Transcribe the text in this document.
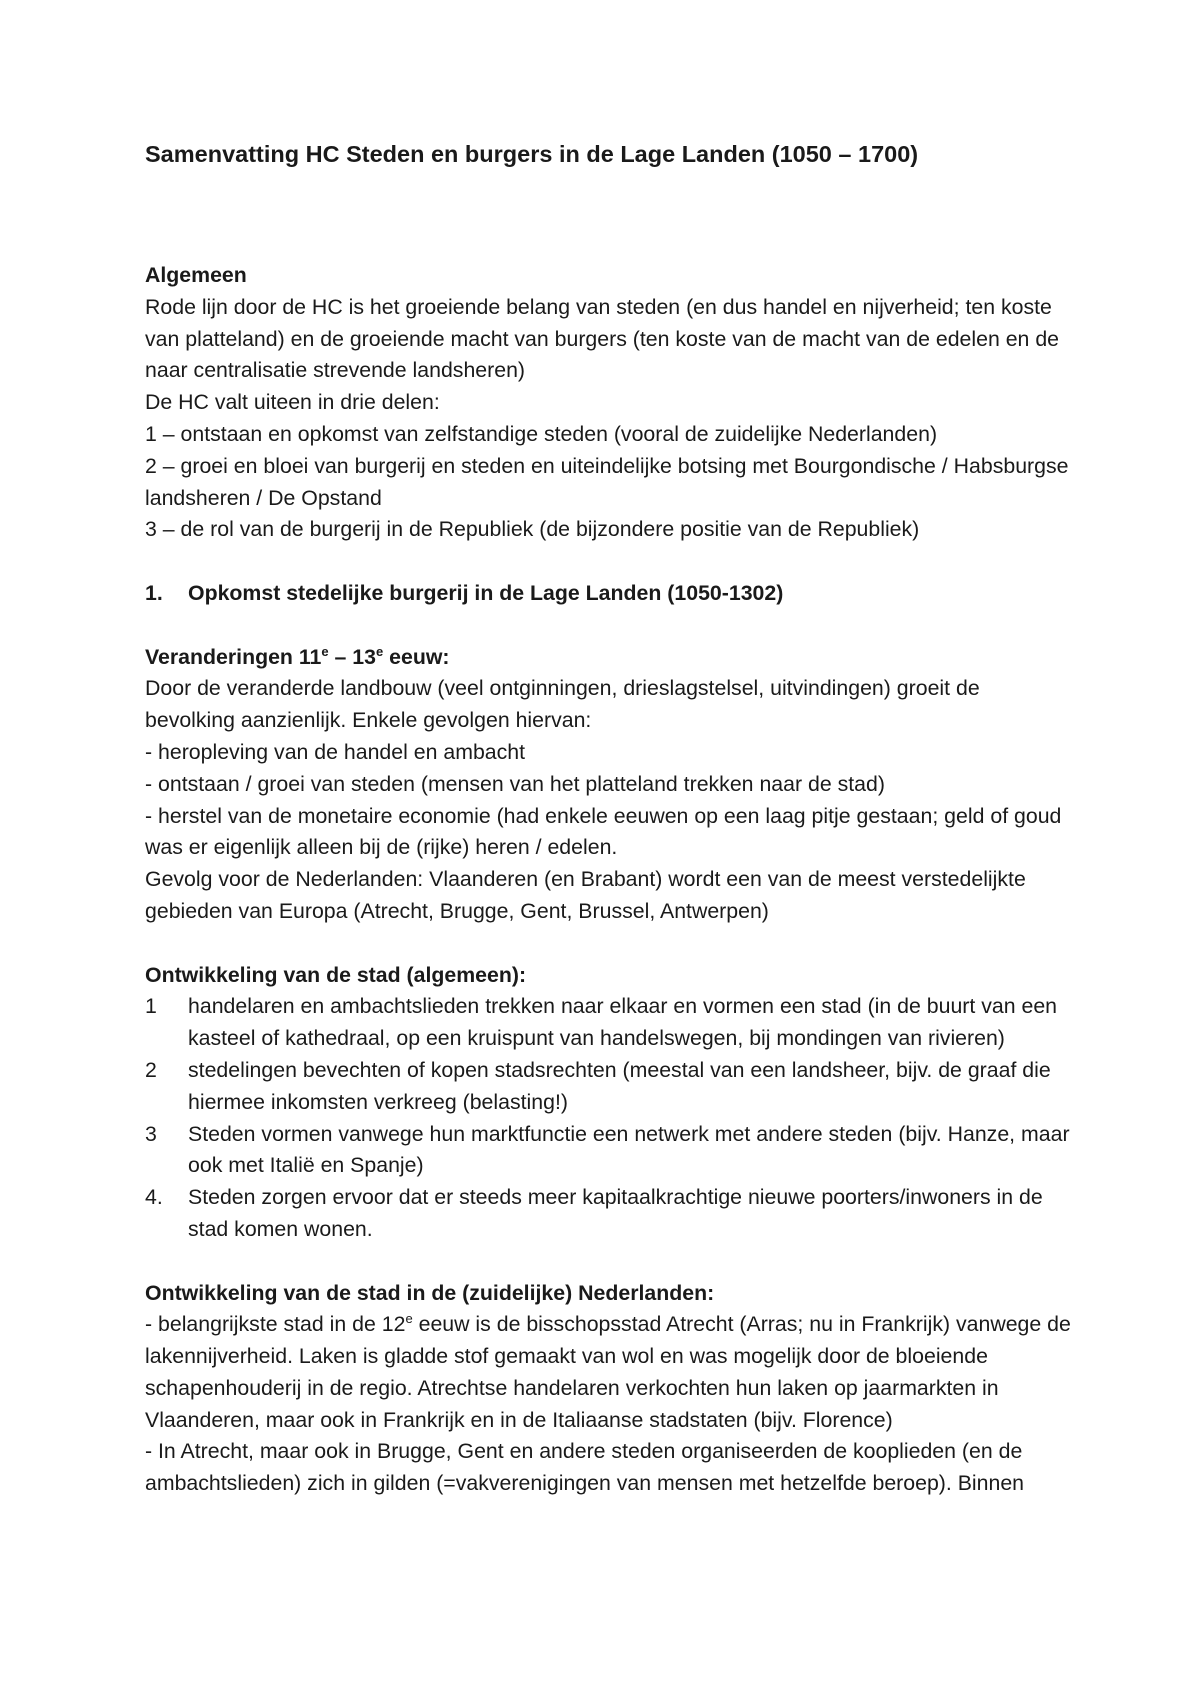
Samenvatting HC Steden en burgers in de Lage Landen (1050 – 1700)
Algemeen
Rode lijn door de HC is het groeiende belang van steden (en dus handel en nijverheid; ten koste van platteland) en de groeiende macht van burgers (ten koste van de macht van de edelen en de naar centralisatie strevende landsheren)
De HC valt uiteen in drie delen:
1 – ontstaan en opkomst van zelfstandige steden (vooral de zuidelijke Nederlanden)
2 – groei en bloei van burgerij en steden en uiteindelijke botsing met Bourgondische / Habsburgse landsheren / De Opstand
3 – de rol van de burgerij in de Republiek (de bijzondere positie van de Republiek)
1.	Opkomst stedelijke burgerij in de Lage Landen (1050-1302)
Veranderingen 11e – 13e eeuw:
Door de veranderde landbouw (veel ontginningen, drieslagstelsel, uitvindingen) groeit de bevolking aanzienlijk. Enkele gevolgen hiervan:
- heropleving van de handel en ambacht
- ontstaan / groei van steden (mensen van het platteland trekken naar de stad)
- herstel van de monetaire economie (had enkele eeuwen op een laag pitje gestaan; geld of goud was er eigenlijk alleen bij de (rijke) heren / edelen.
Gevolg voor de Nederlanden: Vlaanderen (en Brabant) wordt een van de meest verstedelijkte gebieden van Europa (Atrecht, Brugge, Gent, Brussel, Antwerpen)
Ontwikkeling van de stad (algemeen):
1	handelaren en ambachtslieden trekken naar elkaar en vormen een stad (in de buurt van een kasteel of kathedraal, op een kruispunt van handelswegen, bij mondingen van rivieren)
2	stedelingen bevechten of kopen stadsrechten (meestal van een landsheer, bijv. de graaf die hiermee inkomsten verkreeg (belasting!)
3	Steden vormen vanwege hun marktfunctie een netwerk met andere steden (bijv. Hanze, maar ook met Italië en Spanje)
4.	Steden zorgen ervoor dat er steeds meer kapitaalkrachtige nieuwe poorters/inwoners in de stad komen wonen.
Ontwikkeling van de stad in de (zuidelijke) Nederlanden:
- belangrijkste stad in de 12e eeuw is de bisschopsstad Atrecht (Arras; nu in Frankrijk) vanwege de lakennijverheid. Laken is gladde stof gemaakt van wol en was mogelijk door de bloeiende schapenhouderij in de regio. Atrechtse handelaren verkochten hun laken op jaarmarkten in Vlaanderen, maar ook in Frankrijk en in de Italiaanse stadstaten (bijv. Florence)
- In Atrecht, maar ook in Brugge, Gent en andere steden organiseerden de kooplieden (en de ambachtslieden) zich in gilden (=vakverenigingen van mensen met hetzelfde beroep). Binnen
